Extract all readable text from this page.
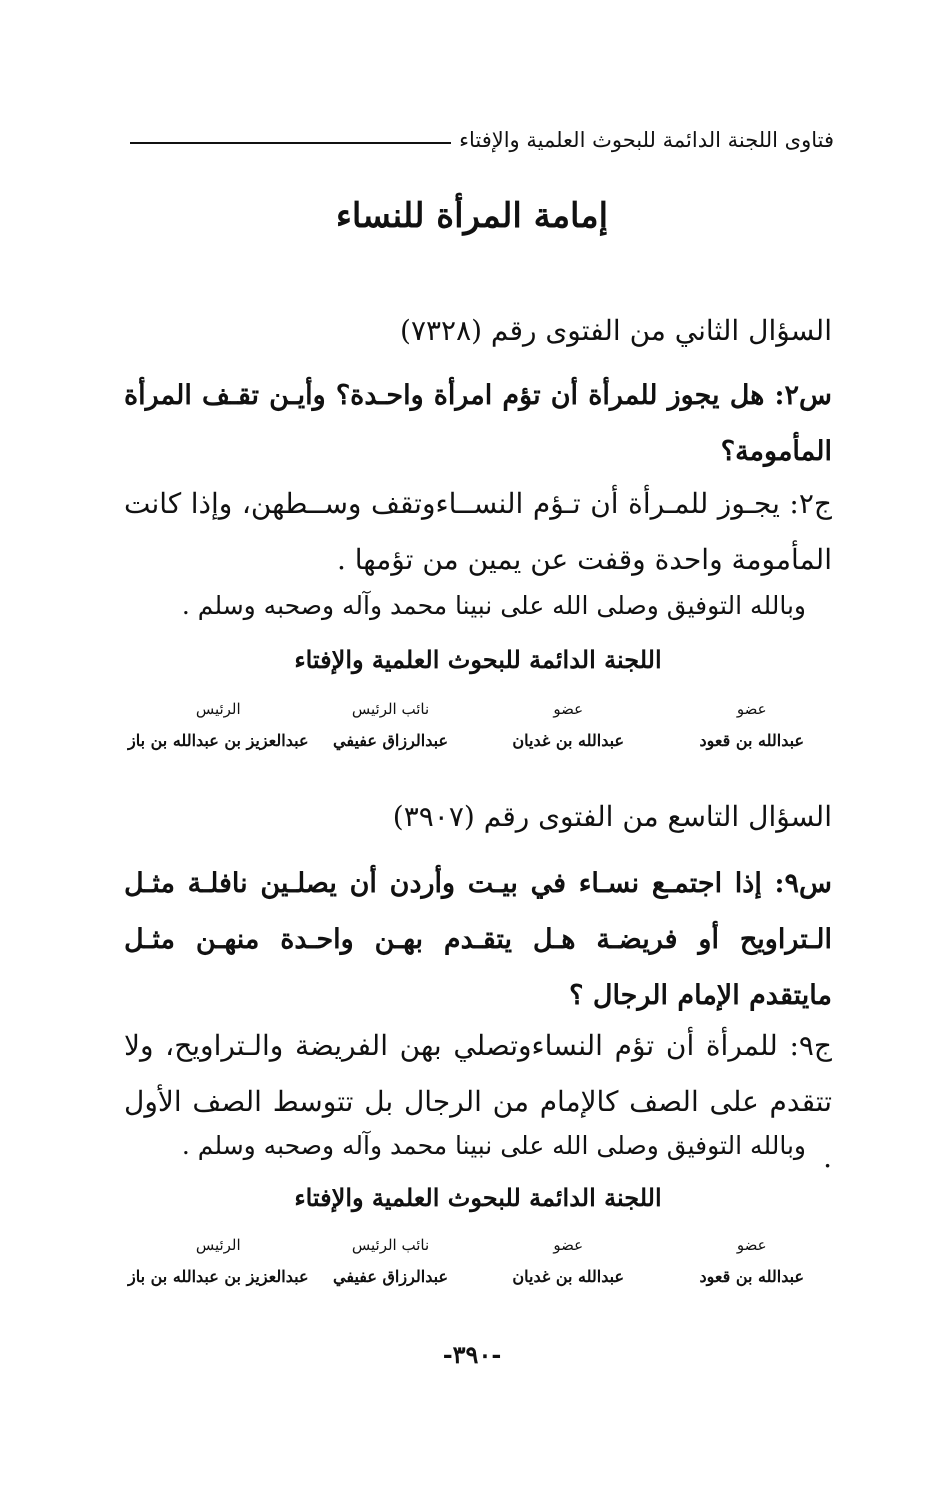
فتاوى اللجنة الدائمة للبحوث العلمية والإفتاء
إمامة المرأة للنساء
السؤال الثاني من الفتوى رقم (٧٣٢٨)
س٢: هل يجوز للمرأة أن تؤم امرأة واحـدة؟ وأيـن تقـف المرأة المأمومة؟
ج٢: يجـوز للمـرأة أن تـؤم النســاءوتقف وســطهن، وإذا كانت المأمومة واحدة وقفت عن يمين من تؤمها .
وبالله التوفيق وصلى الله على نبينا محمد وآله وصحبه وسلم .
اللجنة الدائمة للبحوث العلمية والإفتاء
عضو
عبدالله بن قعود
عضو
عبدالله بن غديان
نائب الرئيس
عبدالرزاق عفيفي
الرئيس
عبدالعزيز بن عبدالله بن باز
السؤال التاسع من الفتوى رقم (٣٩٠٧)
س٩: إذا اجتمـع نسـاء في بيـت وأردن أن يصلـين نافلـة مثـل الـتراويح أو فريضـة هـل يتقـدم بهـن واحـدة منهـن مثـل مايتقدم الإمام الرجال ؟
ج٩: للمرأة أن تؤم النساءوتصلي بهن الفريضة والـتراويح، ولا تتقدم على الصف كالإمام من الرجال بل تتوسط الصف الأول .
وبالله التوفيق وصلى الله على نبينا محمد وآله وصحبه وسلم .
اللجنة الدائمة للبحوث العلمية والإفتاء
عضو
عبدالله بن قعود
عضو
عبدالله بن غديان
نائب الرئيس
عبدالرزاق عفيفي
الرئيس
عبدالعزيز بن عبدالله بن باز
-٣٩٠-
